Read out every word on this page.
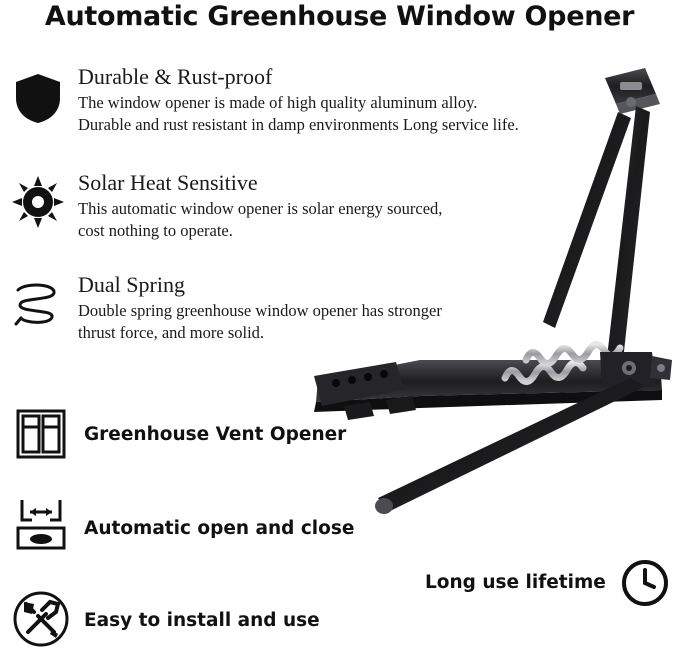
Automatic Greenhouse Window Opener

Durable & Rust-proof

The window opener is made of high quality aluminum alloy.

Durable and rust resistant in damp environments Long service life.

Solar Heat Sensitive

This automatic window opener is solar energy sourced,

cost nothing to operate.

Dual Spring

Double spring greenhouse window opener has stronger

thrust force, and more solid.

Greenhouse Vent Opener
Automatic open and close
Easy to install and use
Long use lifetime
